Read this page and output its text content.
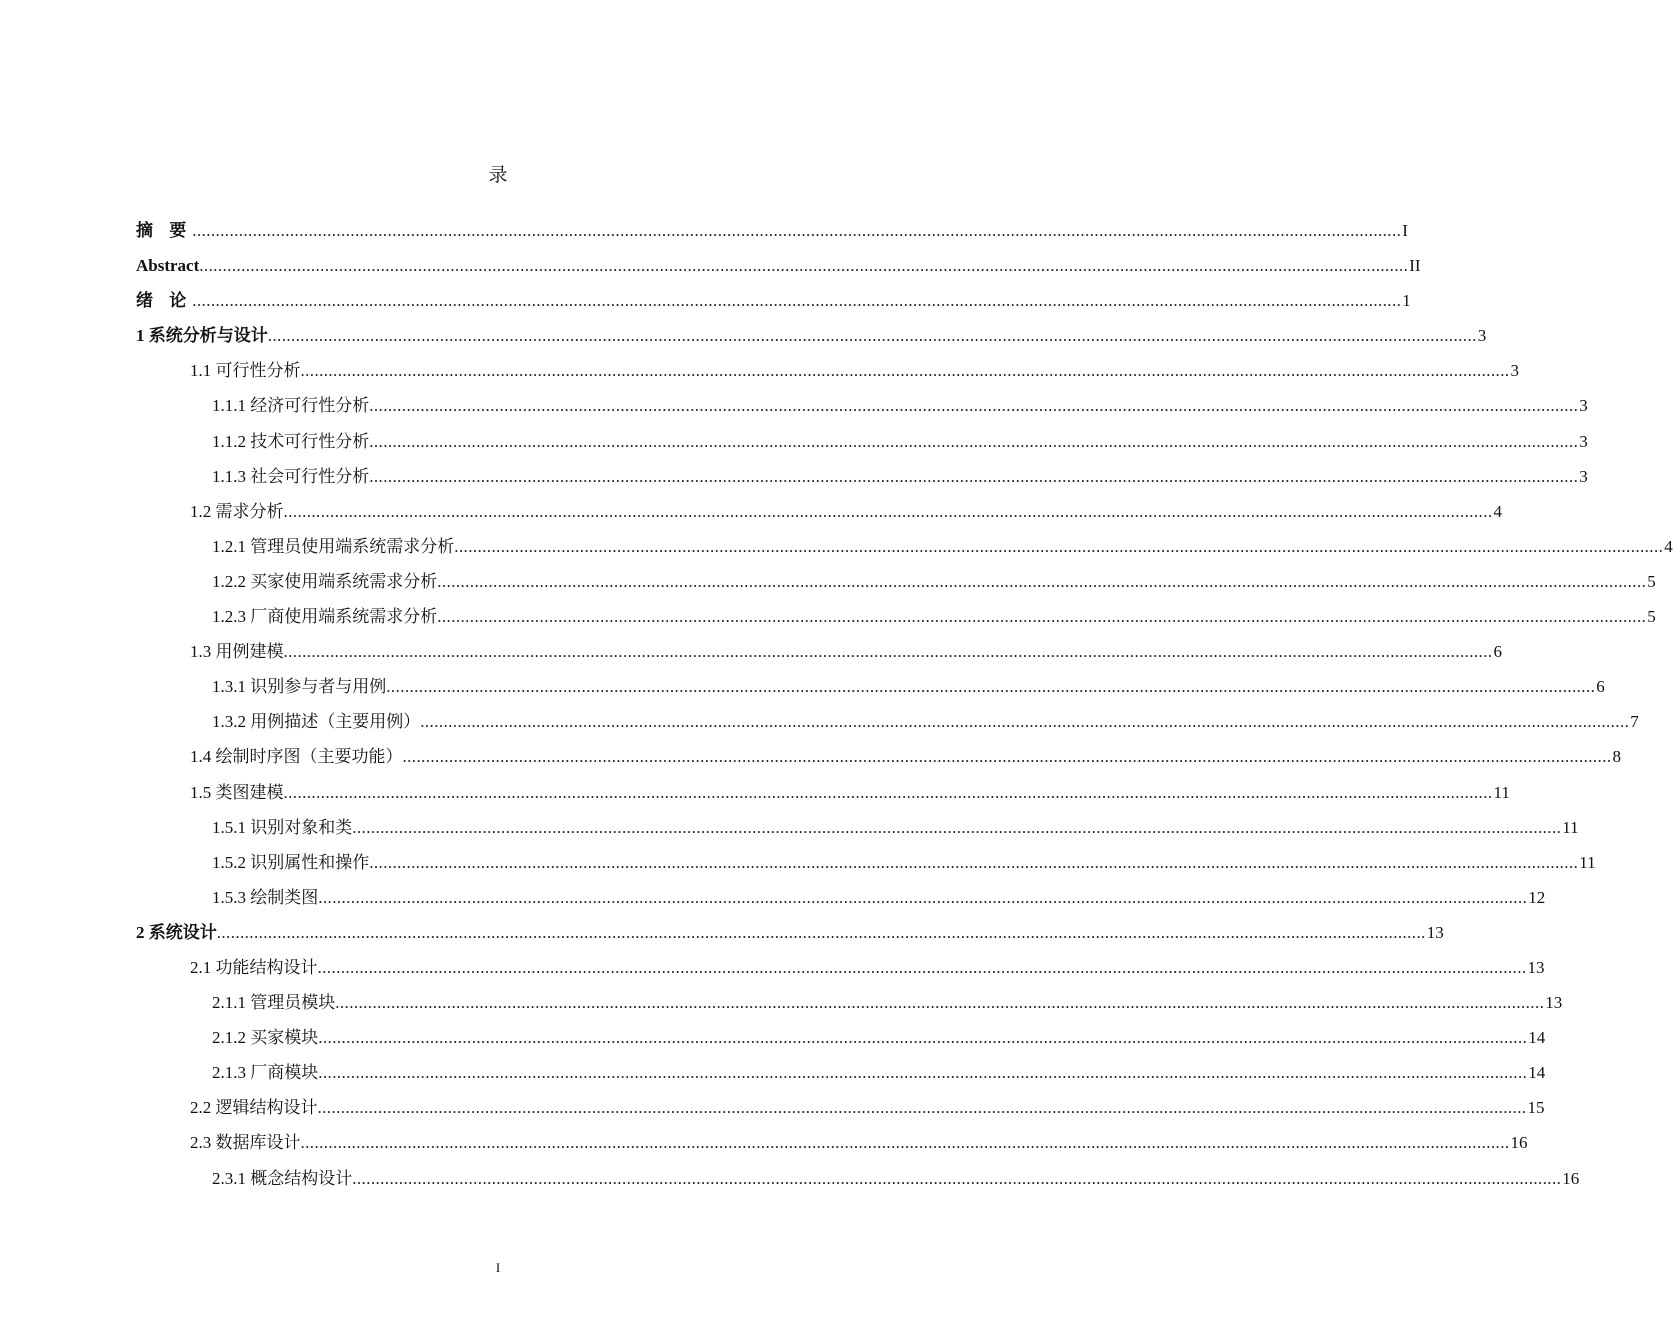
录
摘 要 .................................................................................................................................................................................................................................................................... I
Abstract .................................................................................................................................................................................................................................................................... II
绪 论 .................................................................................................................................................................................................................................................................... 1
1 系统分析与设计 .................................................................................................................................................................................................................................................................... 3
1.1 可行性分析 .................................................................................................................................................................................................................................................................... 3
1.1.1 经济可行性分析 .................................................................................................................................................................................................................................................................... 3
1.1.2 技术可行性分析 .................................................................................................................................................................................................................................................................... 3
1.1.3 社会可行性分析 .................................................................................................................................................................................................................................................................... 3
1.2 需求分析 .................................................................................................................................................................................................................................................................... 4
1.2.1 管理员使用端系统需求分析 .................................................................................................................................................................................................................................................................... 4
1.2.2 买家使用端系统需求分析 .................................................................................................................................................................................................................................................................... 5
1.2.3 厂商使用端系统需求分析 .................................................................................................................................................................................................................................................................... 5
1.3 用例建模 .................................................................................................................................................................................................................................................................... 6
1.3.1 识别参与者与用例 .................................................................................................................................................................................................................................................................... 6
1.3.2 用例描述（主要用例） .................................................................................................................................................................................................................................................................... 7
1.4 绘制时序图（主要功能） .................................................................................................................................................................................................................................................................... 8
1.5 类图建模 .................................................................................................................................................................................................................................................................... 11
1.5.1 识别对象和类 .................................................................................................................................................................................................................................................................... 11
1.5.2 识别属性和操作 .................................................................................................................................................................................................................................................................... 11
1.5.3 绘制类图 .................................................................................................................................................................................................................................................................... 12
2 系统设计 .................................................................................................................................................................................................................................................................... 13
2.1 功能结构设计 .................................................................................................................................................................................................................................................................... 13
2.1.1 管理员模块 .................................................................................................................................................................................................................................................................... 13
2.1.2 买家模块 .................................................................................................................................................................................................................................................................... 14
2.1.3 厂商模块 .................................................................................................................................................................................................................................................................... 14
2.2 逻辑结构设计 .................................................................................................................................................................................................................................................................... 15
2.3 数据库设计 .................................................................................................................................................................................................................................................................... 16
2.3.1 概念结构设计 .................................................................................................................................................................................................................................................................... 16
I
